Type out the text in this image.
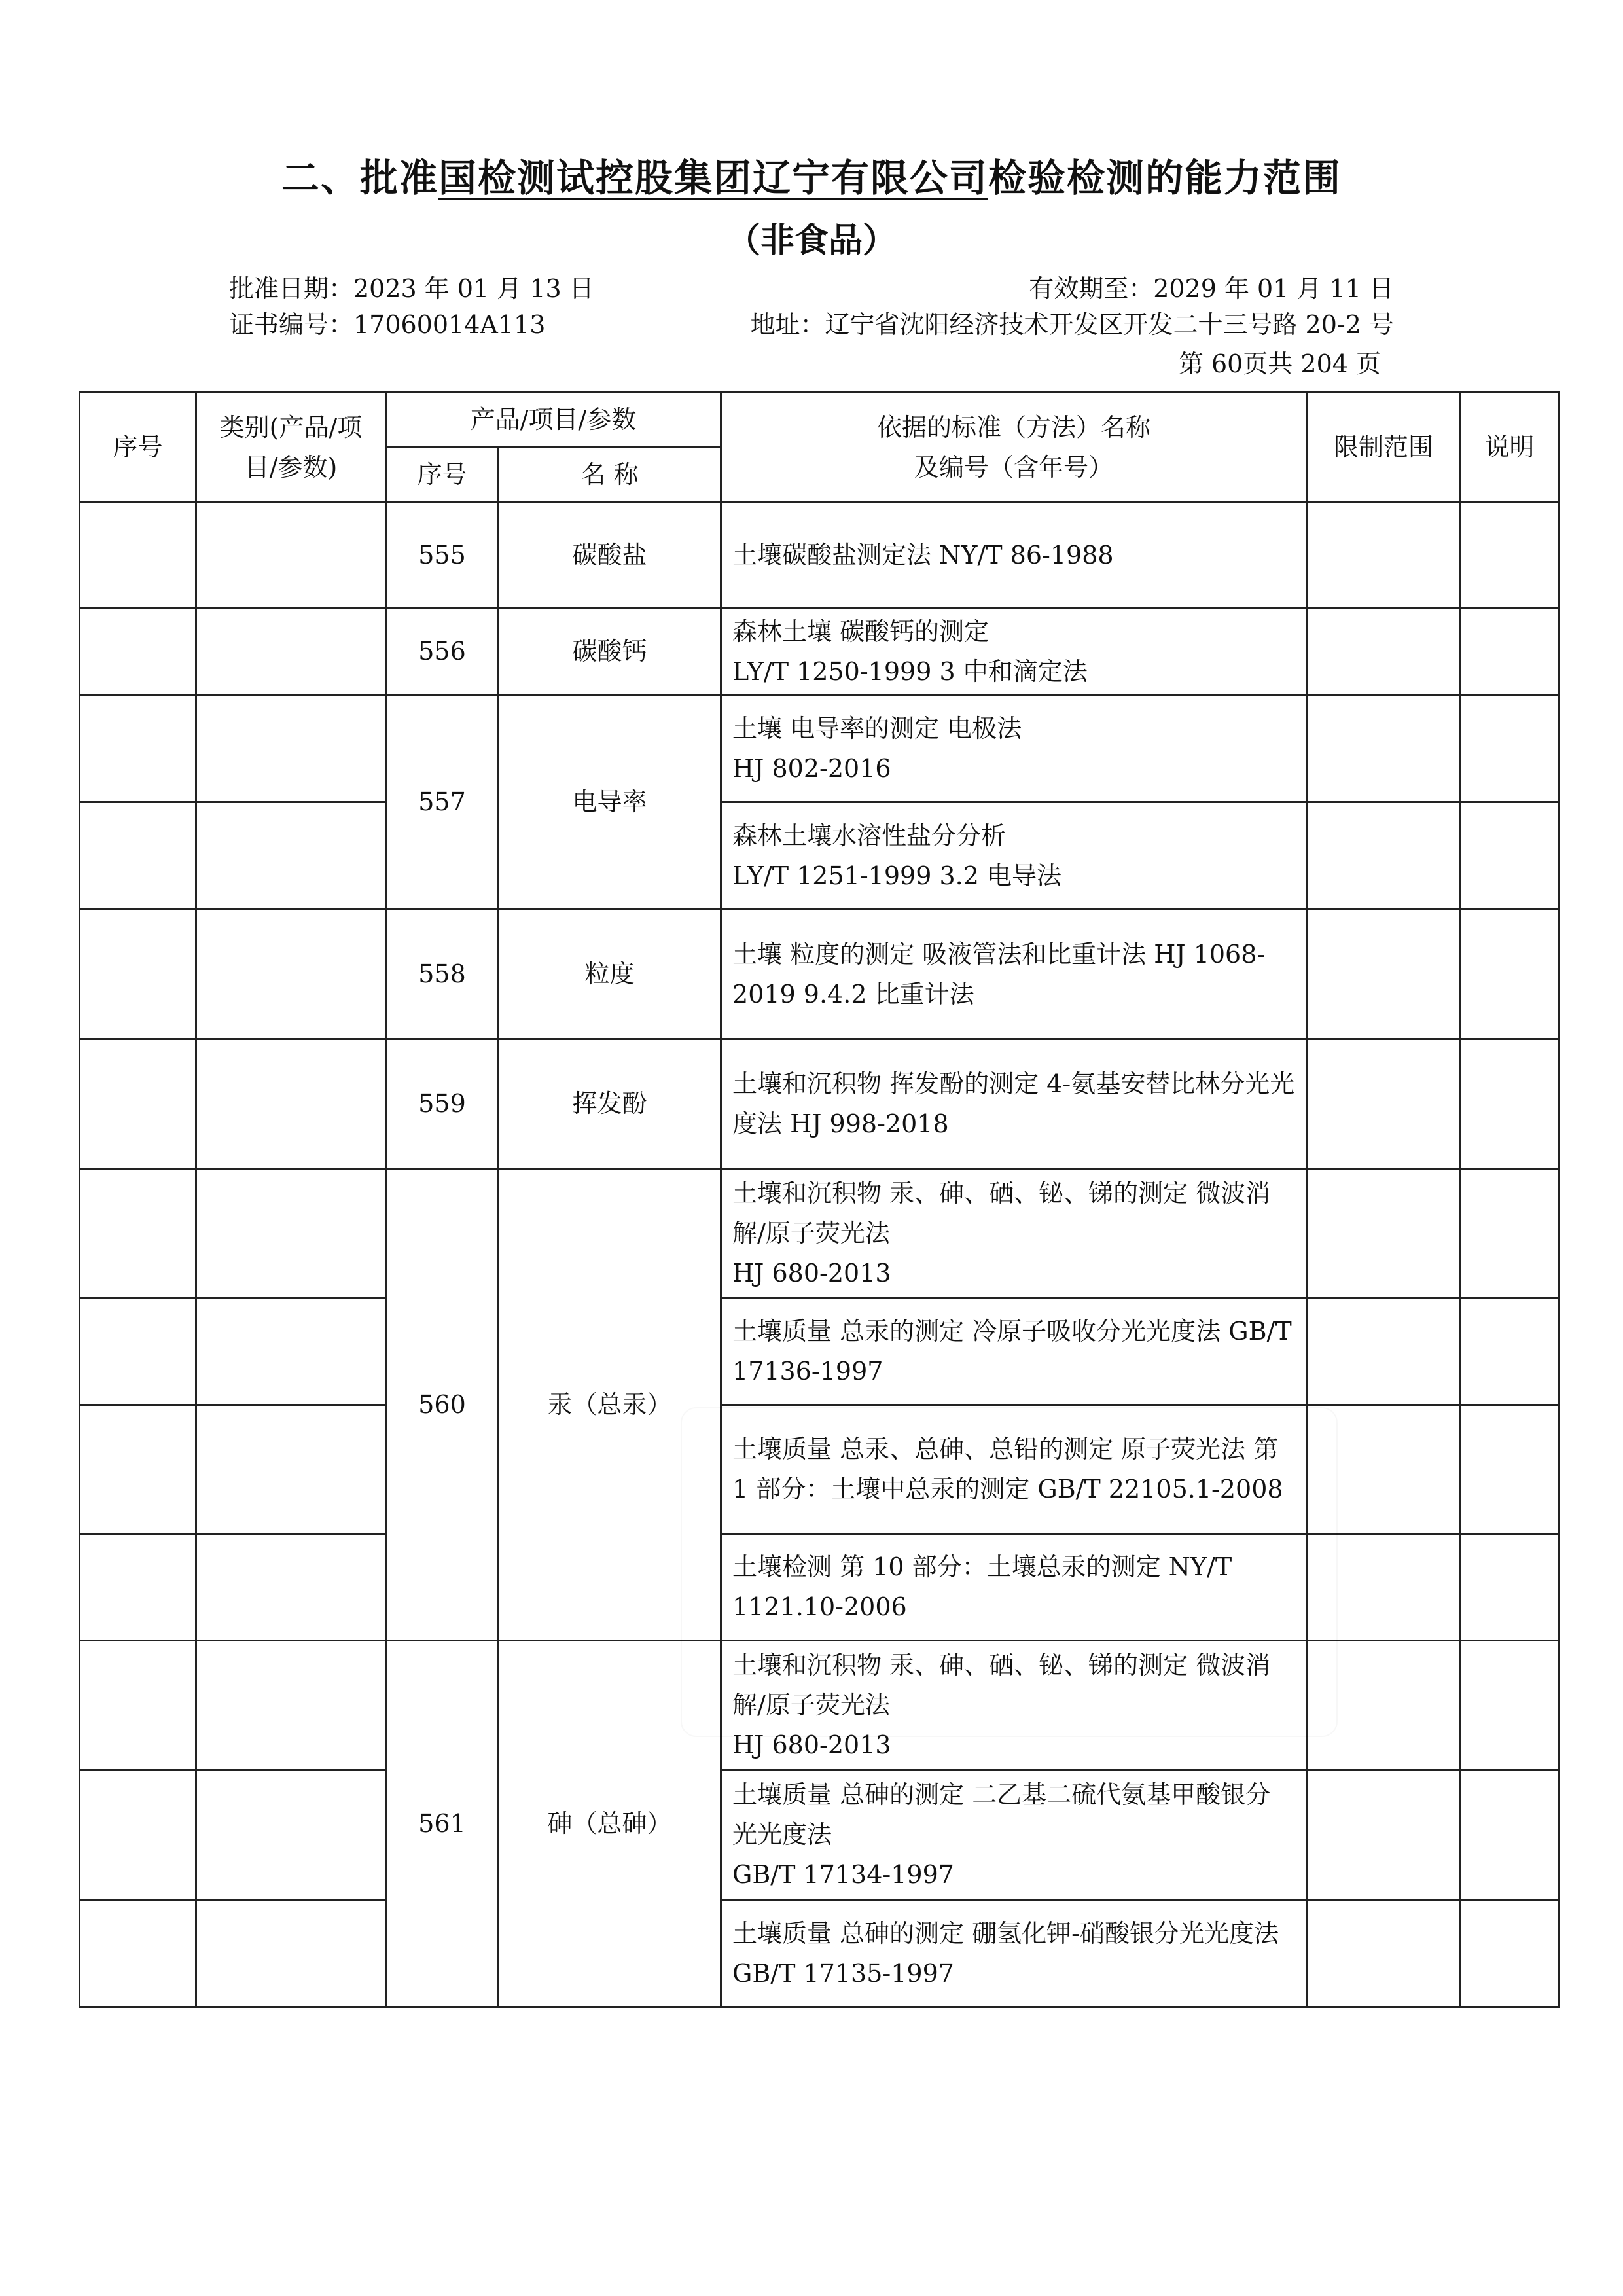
二、批准国检测试控股集团辽宁有限公司检验检测的能力范围
（非食品）
批准日期：2023 年 01 月 13 日	有效期至：2029 年 01 月 11 日
证书编号：17060014A113	地址：辽宁省沈阳经济技术开发区开发二十三号路 20-2 号
第 60页共 204 页
序号	类别(产品/项目/参数)	产品/项目/参数		依据的标准（方法）名称
及编号（含年号）	限制范围	说明
		序号	名 称			
		555	碳酸盐	土壤碳酸盐测定法 NY/T 86-1988		
		556	碳酸钙	森林土壤 碳酸钙的测定
LY/T 1250-1999 3 中和滴定法		
		557	电导率	土壤 电导率的测定 电极法
HJ 802-2016		
				森林土壤水溶性盐分分析
LY/T 1251-1999 3.2 电导法		
		558	粒度	土壤 粒度的测定 吸液管法和比重计法 HJ 1068-2019 9.4.2 比重计法		
		559	挥发酚	土壤和沉积物 挥发酚的测定 4-氨基安替比林分光光度法 HJ 998-2018		
		560	汞（总汞）	土壤和沉积物 汞、砷、硒、铋、锑的测定 微波消解/原子荧光法
HJ 680-2013		
				土壤质量 总汞的测定 冷原子吸收分光光度法 GB/T 17136-1997		
				土壤质量 总汞、总砷、总铅的测定 原子荧光法 第 1 部分：土壤中总汞的测定 GB/T 22105.1-2008		
				土壤检测 第 10 部分：土壤总汞的测定 NY/T 1121.10-2006		
		561	砷（总砷）	土壤和沉积物 汞、砷、硒、铋、锑的测定 微波消解/原子荧光法
HJ 680-2013		
				土壤质量 总砷的测定 二乙基二硫代氨基甲酸银分光光度法
GB/T 17134-1997		
				土壤质量 总砷的测定 硼氢化钾-硝酸银分光光度法 GB/T 17135-1997		
